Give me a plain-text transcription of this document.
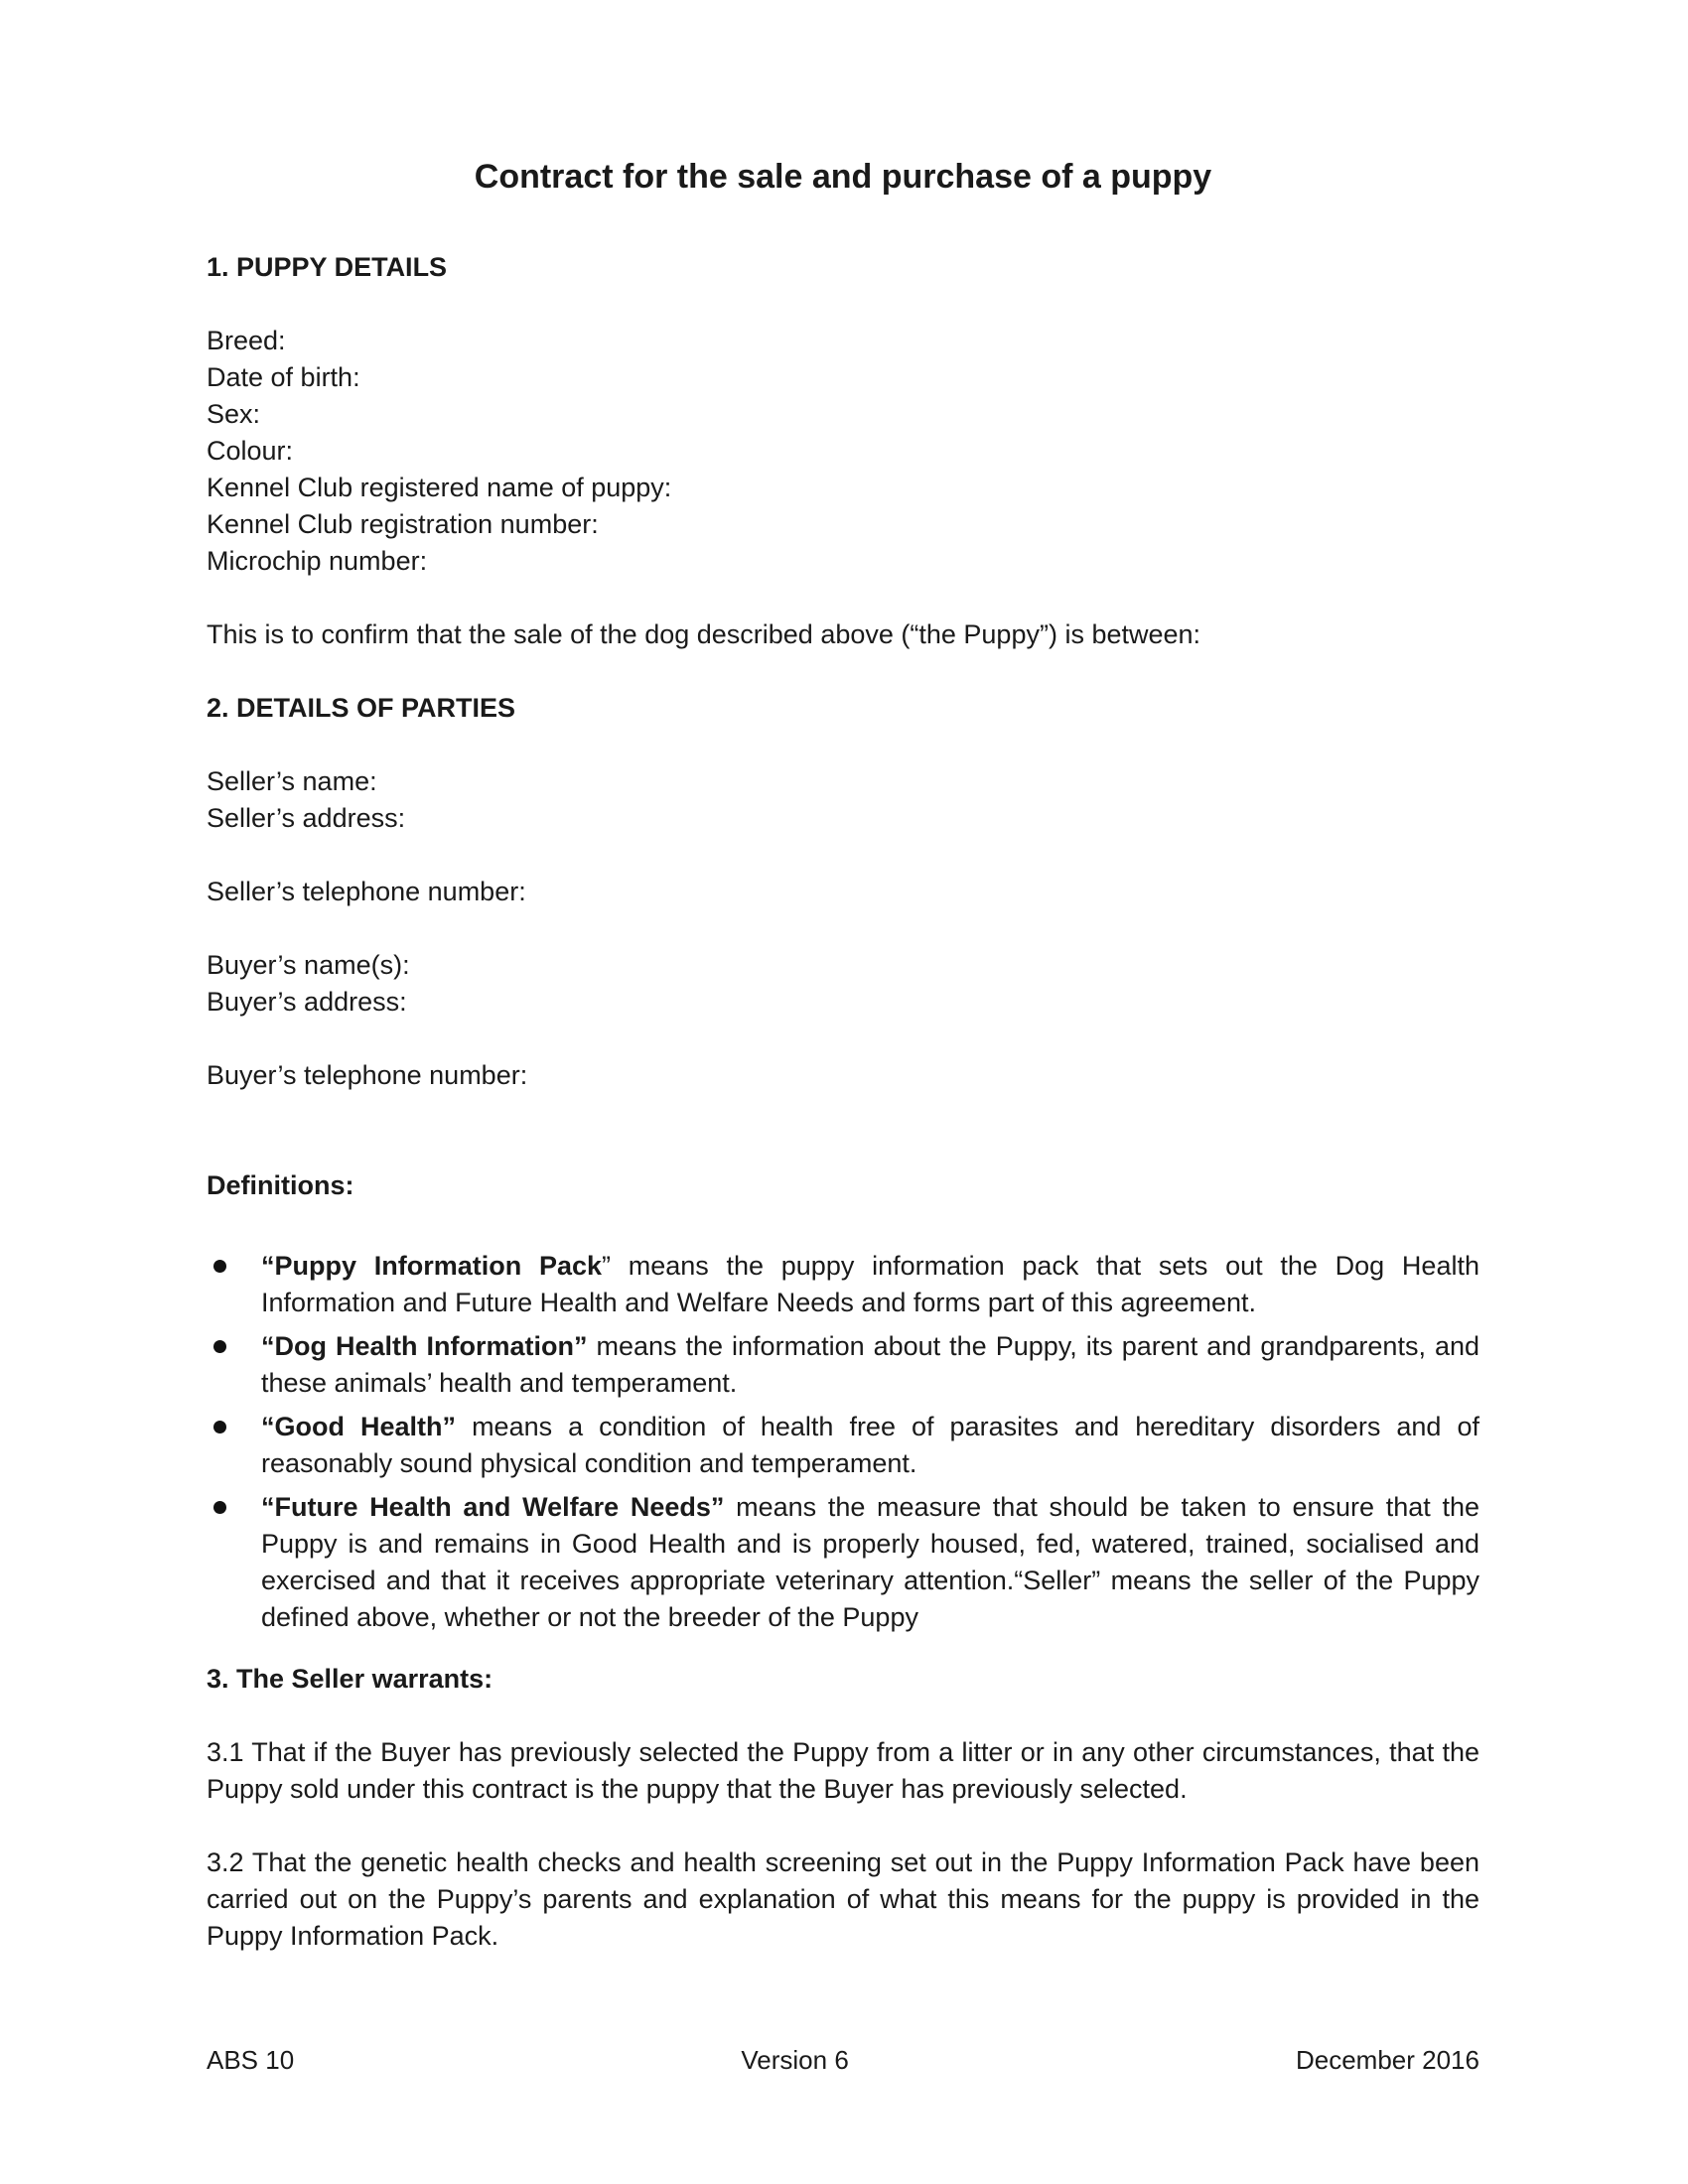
Contract for the sale and purchase of a puppy
1. PUPPY DETAILS
Breed:
Date of birth:
Sex:
Colour:
Kennel Club registered name of puppy:
Kennel Club registration number:
Microchip number:

This is to confirm that the sale of the dog described above (“the Puppy”) is between:

2. DETAILS OF PARTIES
Seller’s name:
Seller’s address:
Seller’s telephone number:
Buyer’s name(s):
Buyer’s address:
Buyer’s telephone number:
Definitions:
“Puppy Information Pack” means the puppy information pack that sets out the Dog Health Information and Future Health and Welfare Needs and forms part of this agreement.
“Dog Health Information” means the information about the Puppy, its parent and grandparents, and these animals’ health and temperament.
“Good Health” means a condition of health free of parasites and hereditary disorders and of reasonably sound physical condition and temperament.
“Future Health and Welfare Needs” means the measure that should be taken to ensure that the Puppy is and remains in Good Health and is properly housed, fed, watered, trained, socialised and exercised and that it receives appropriate veterinary attention.“Seller” means the seller of the Puppy defined above, whether or not the breeder of the Puppy
3. The Seller warrants:

3.1 That if the Buyer has previously selected the Puppy from a litter or in any other circumstances, that the Puppy sold under this contract is the puppy that the Buyer has previously selected.

3.2 That the genetic health checks and health screening set out in the Puppy Information Pack have been carried out on the Puppy’s parents and explanation of what this means for the puppy is provided in the Puppy Information Pack.

ABS 10	Version 6	December 2016
